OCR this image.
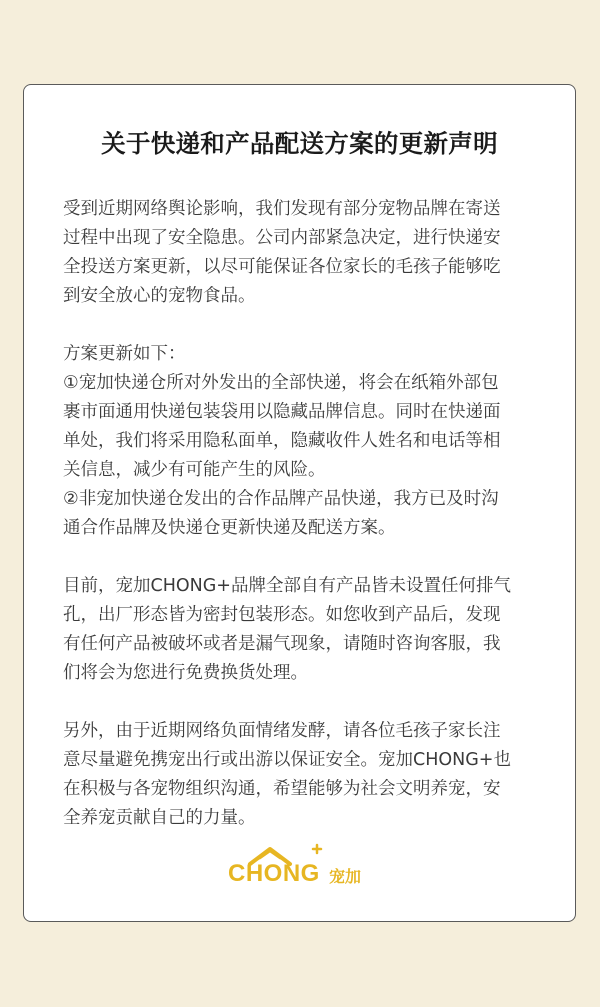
关于快递和产品配送方案的更新声明
受到近期网络舆论影响，我们发现有部分宠物品牌在寄送
过程中出现了安全隐患。公司内部紧急决定，进行快递安
全投送方案更新，以尽可能保证各位家长的毛孩子能够吃
到安全放心的宠物食品。
方案更新如下：
①宠加快递仓所对外发出的全部快递，将会在纸箱外部包
裹市面通用快递包装袋用以隐藏品牌信息。同时在快递面
单处，我们将采用隐私面单，隐藏收件人姓名和电话等相
关信息，减少有可能产生的风险。
②非宠加快递仓发出的合作品牌产品快递，我方已及时沟
通合作品牌及快递仓更新快递及配送方案。
目前，宠加CHONG+品牌全部自有产品皆未设置任何排气
孔，出厂形态皆为密封包装形态。如您收到产品后，发现
有任何产品被破坏或者是漏气现象，请随时咨询客服，我
们将会为您进行免费换货处理。
另外，由于近期网络负面情绪发酵，请各位毛孩子家长注
意尽量避免携宠出行或出游以保证安全。宠加CHONG+也
在积极与各宠物组织沟通，希望能够为社会文明养宠，安
全养宠贡献自己的力量。
CHONG 宠加
